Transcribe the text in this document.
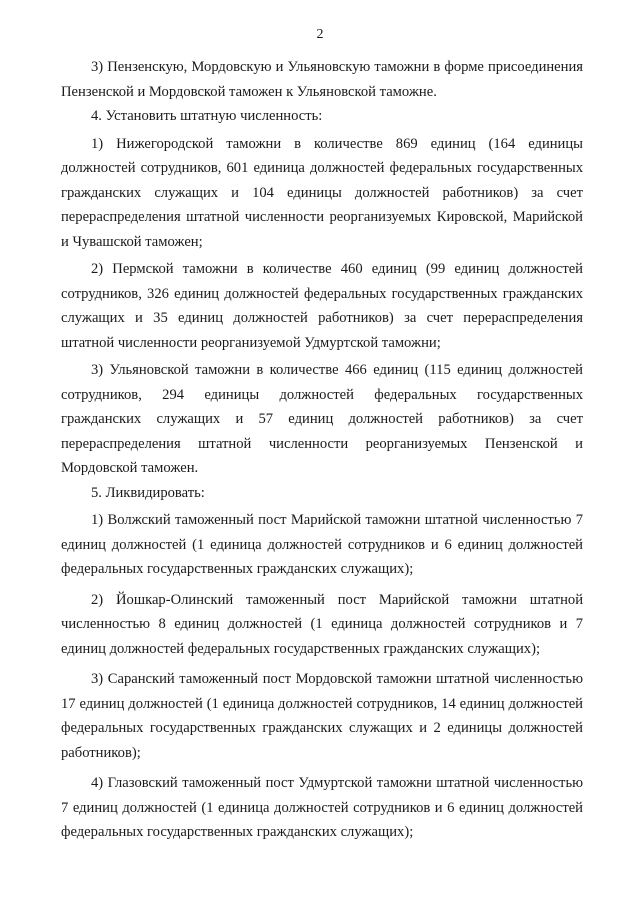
2

3) Пензенскую, Мордовскую и Ульяновскую таможни в форме присоединения Пензенской и Мордовской таможен к Ульяновской таможне.

4. Установить штатную численность:

1) Нижегородской таможни в количестве 869 единиц (164 единицы должностей сотрудников, 601 единица должностей федеральных государственных гражданских служащих и 104 единицы должностей работников) за счет перераспределения штатной численности реорганизуемых Кировской, Марийской и Чувашской таможен;

2) Пермской таможни в количестве 460 единиц (99 единиц должностей сотрудников, 326 единиц должностей федеральных государственных гражданских служащих и 35 единиц должностей работников) за счет перераспределения штатной численности реорганизуемой Удмуртской таможни;

3) Ульяновской таможни в количестве 466 единиц (115 единиц должностей сотрудников, 294 единицы должностей федеральных государственных гражданских служащих и 57 единиц должностей работников) за счет перераспределения штатной численности реорганизуемых Пензенской и Мордовской таможен.

5. Ликвидировать:

1) Волжский таможенный пост Марийской таможни штатной численностью 7 единиц должностей (1 единица должностей сотрудников и 6 единиц должностей федеральных государственных гражданских служащих);

2) Йошкар-Олинский таможенный пост Марийской таможни штатной численностью 8 единиц должностей (1 единица должностей сотрудников и 7 единиц должностей федеральных государственных гражданских служащих);

3) Саранский таможенный пост Мордовской таможни штатной численностью 17 единиц должностей (1 единица должностей сотрудников, 14 единиц должностей федеральных государственных гражданских служащих и 2 единицы должностей работников);

4) Глазовский таможенный пост Удмуртской таможни штатной численностью 7 единиц должностей (1 единица должностей сотрудников и 6 единиц должностей федеральных государственных гражданских служащих);
